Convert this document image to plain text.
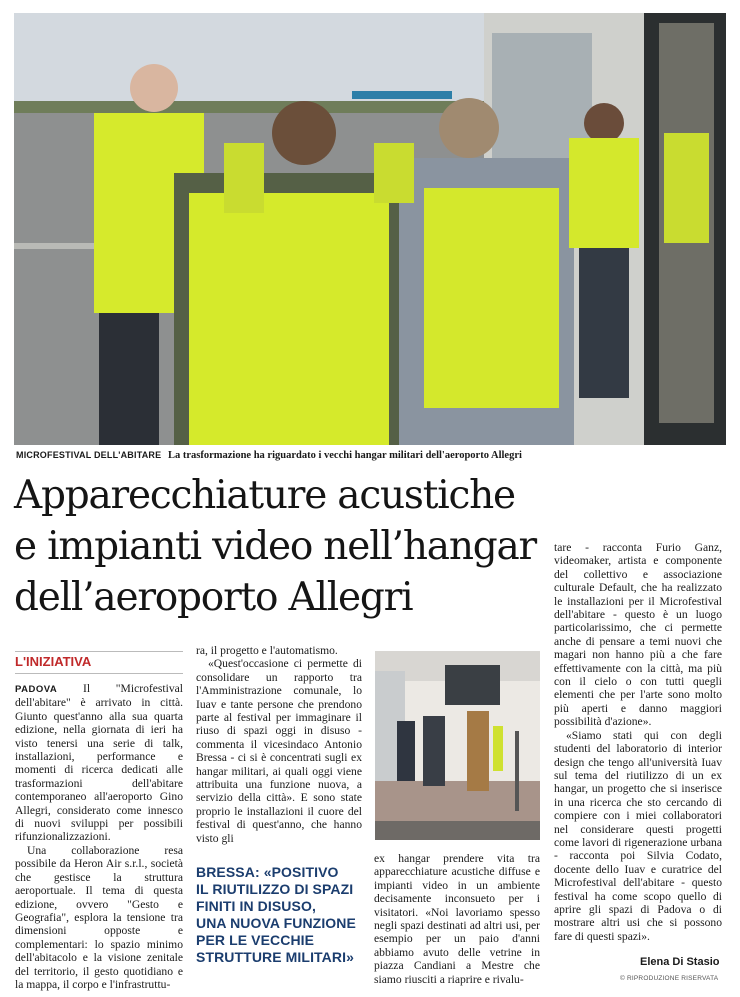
MICROFESTIVAL DELL'ABITARE La trasformazione ha riguardato i vecchi hangar militari dell'aeroporto Allegri
Apparecchiature acustiche
e impianti video nell’hangar
dell’aeroporto Allegri
L'INIZIATIVA

PADOVA Il "Microfestival dell'abitare" è arrivato in città. Giunto quest'anno alla sua quarta edizione, nella giornata di ieri ha visto tenersi una serie di talk, installazioni, performance e momenti di ricerca dedicati alle trasformazioni dell'abitare contemporaneo all'aeroporto Gino Allegri, considerato come innesco di nuovi sviluppi per possibili rifunzionalizzazioni.

Una collaborazione resa possibile da Heron Air s.r.l., società che gestisce la struttura aeroportuale. Il tema di questa edizione, ovvero "Gesto e Geografia", esplora la tensione tra dimensioni opposte e complementari: lo spazio minimo dell'abitacolo e la visione zenitale del territorio, il gesto quotidiano e la mappa, il corpo e l'infrastruttu-

ra, il progetto e l'automatismo.

«Quest'occasione ci permette di consolidare un rapporto tra l'Amministrazione comunale, lo Iuav e tante persone che prendono parte al festival per immaginare il riuso di spazi oggi in disuso - commenta il vicesindaco Antonio Bressa - ci si è concentrati sugli ex hangar militari, ai quali oggi viene attribuita una funzione nuova, a servizio della città». E sono state proprio le installazioni il cuore del festival di quest'anno, che hanno visto gli

BRESSA: «POSITIVO
IL RIUTILIZZO DI SPAZI
FINITI IN DISUSO,
UNA NUOVA FUNZIONE
PER LE VECCHIE
STRUTTURE MILITARI»

ex hangar prendere vita tra apparecchiature acustiche diffuse e impianti video in un ambiente decisamente inconsueto per i visitatori. «Noi lavoriamo spesso negli spazi destinati ad altri usi, per esempio per un paio d'anni abbiamo avuto delle vetrine in piazza Candiani a Mestre che siamo riusciti a riaprire e rivalu-

tare - racconta Furio Ganz, videomaker, artista e componente del collettivo e associazione culturale Default, che ha realizzato le installazioni per il Microfestival dell'abitare - questo è un luogo particolarissimo, che ci permette anche di pensare a temi nuovi che magari non hanno più a che fare effettivamente con la città, ma più con il cielo o con tutti quegli elementi che per l'arte sono molto più aperti e danno maggiori possibilità d'azione».

«Siamo stati qui con degli studenti del laboratorio di interior design che tengo all'università Iuav sul tema del riutilizzo di un ex hangar, un progetto che si inserisce in una ricerca che sto cercando di compiere con i miei collaboratori nel considerare questi progetti come lavori di rigenerazione urbana - racconta poi Silvia Codato, docente dello Iuav e curatrice del Microfestival dell'abitare - questo festival ha come scopo quello di aprire gli spazi di Padova o di mostrare altri usi che si possono fare di questi spazi».

Elena Di Stasio
© RIPRODUZIONE RISERVATA
